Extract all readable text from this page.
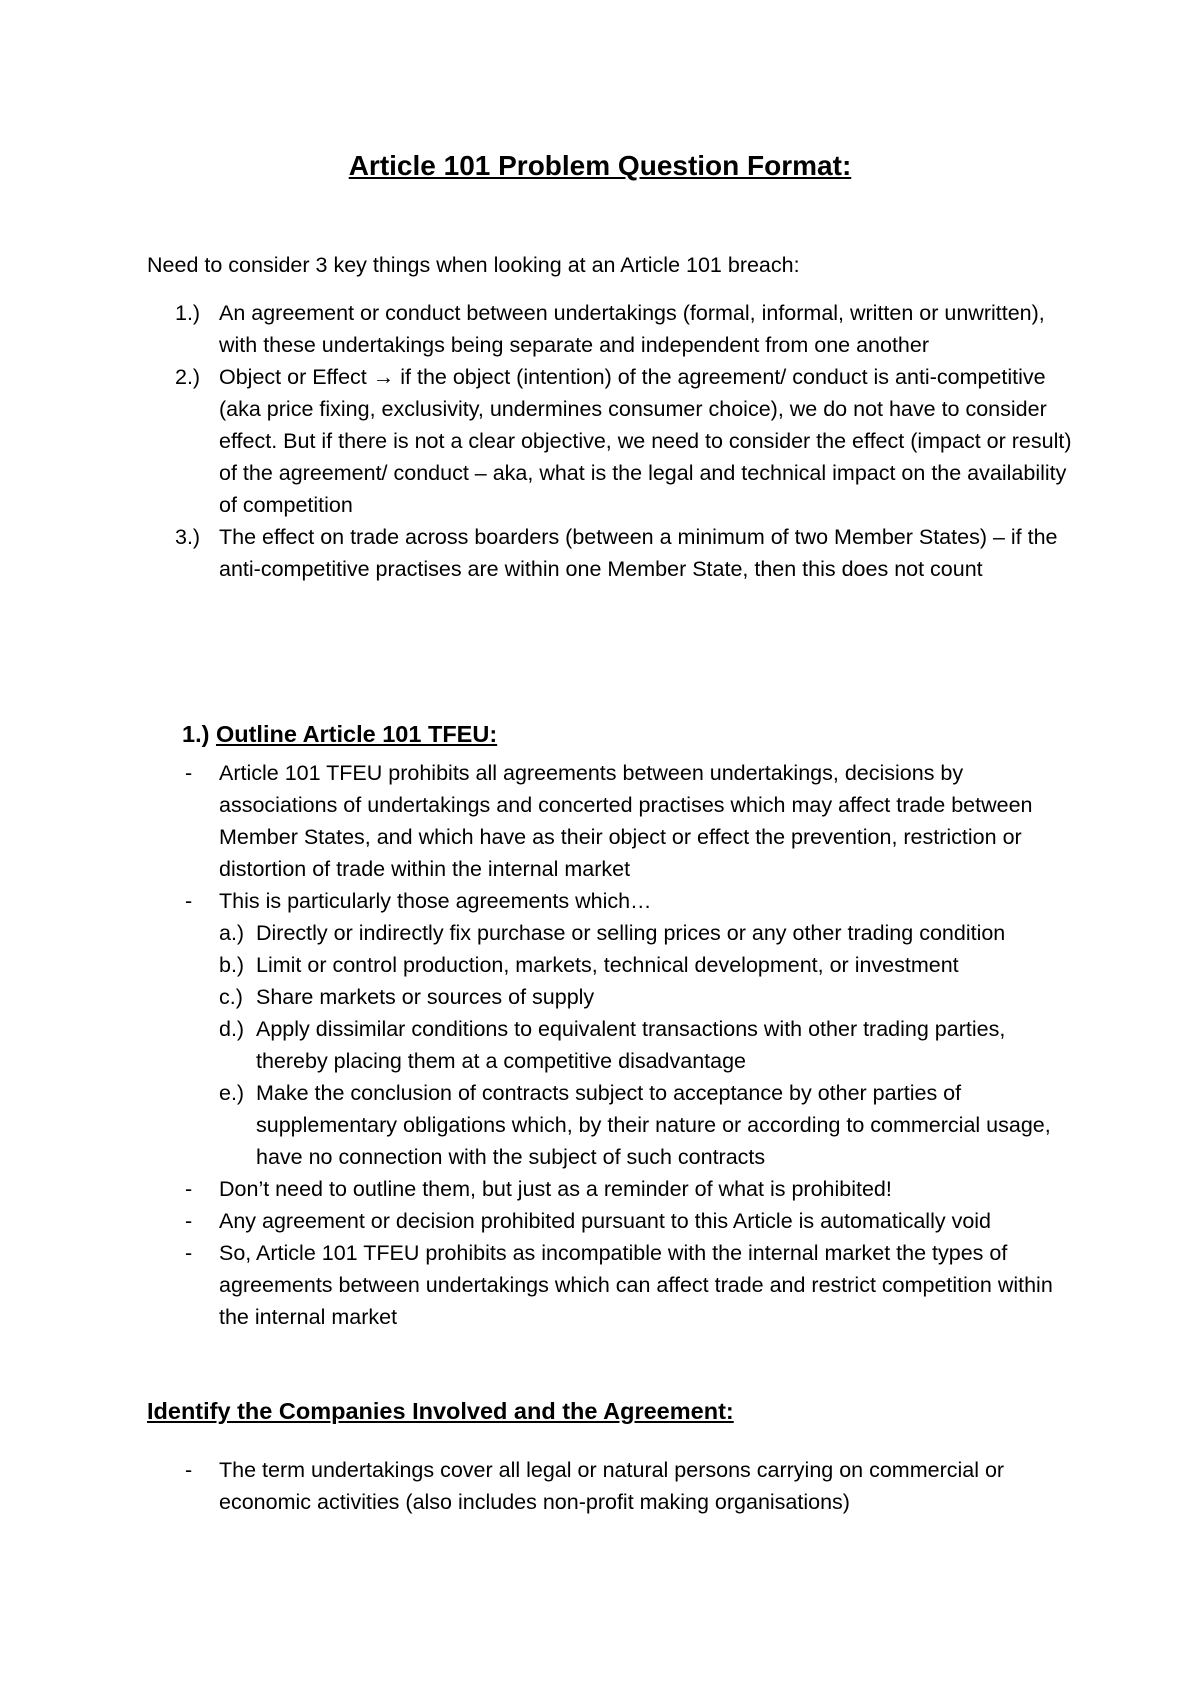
Article 101 Problem Question Format:
Need to consider 3 key things when looking at an Article 101 breach:
1.) An agreement or conduct between undertakings (formal, informal, written or unwritten), with these undertakings being separate and independent from one another
2.) Object or Effect → if the object (intention) of the agreement/ conduct is anti-competitive (aka price fixing, exclusivity, undermines consumer choice), we do not have to consider effect. But if there is not a clear objective, we need to consider the effect (impact or result) of the agreement/ conduct – aka, what is the legal and technical impact on the availability of competition
3.) The effect on trade across boarders (between a minimum of two Member States) – if the anti-competitive practises are within one Member State, then this does not count
1.) Outline Article 101 TFEU:
- Article 101 TFEU prohibits all agreements between undertakings, decisions by associations of undertakings and concerted practises which may affect trade between Member States, and which have as their object or effect the prevention, restriction or distortion of trade within the internal market
- This is particularly those agreements which…
a.) Directly or indirectly fix purchase or selling prices or any other trading condition
b.) Limit or control production, markets, technical development, or investment
c.) Share markets or sources of supply
d.) Apply dissimilar conditions to equivalent transactions with other trading parties, thereby placing them at a competitive disadvantage
e.) Make the conclusion of contracts subject to acceptance by other parties of supplementary obligations which, by their nature or according to commercial usage, have no connection with the subject of such contracts
- Don’t need to outline them, but just as a reminder of what is prohibited!
- Any agreement or decision prohibited pursuant to this Article is automatically void
- So, Article 101 TFEU prohibits as incompatible with the internal market the types of agreements between undertakings which can affect trade and restrict competition within the internal market
Identify the Companies Involved and the Agreement:
- The term undertakings cover all legal or natural persons carrying on commercial or economic activities (also includes non-profit making organisations)
